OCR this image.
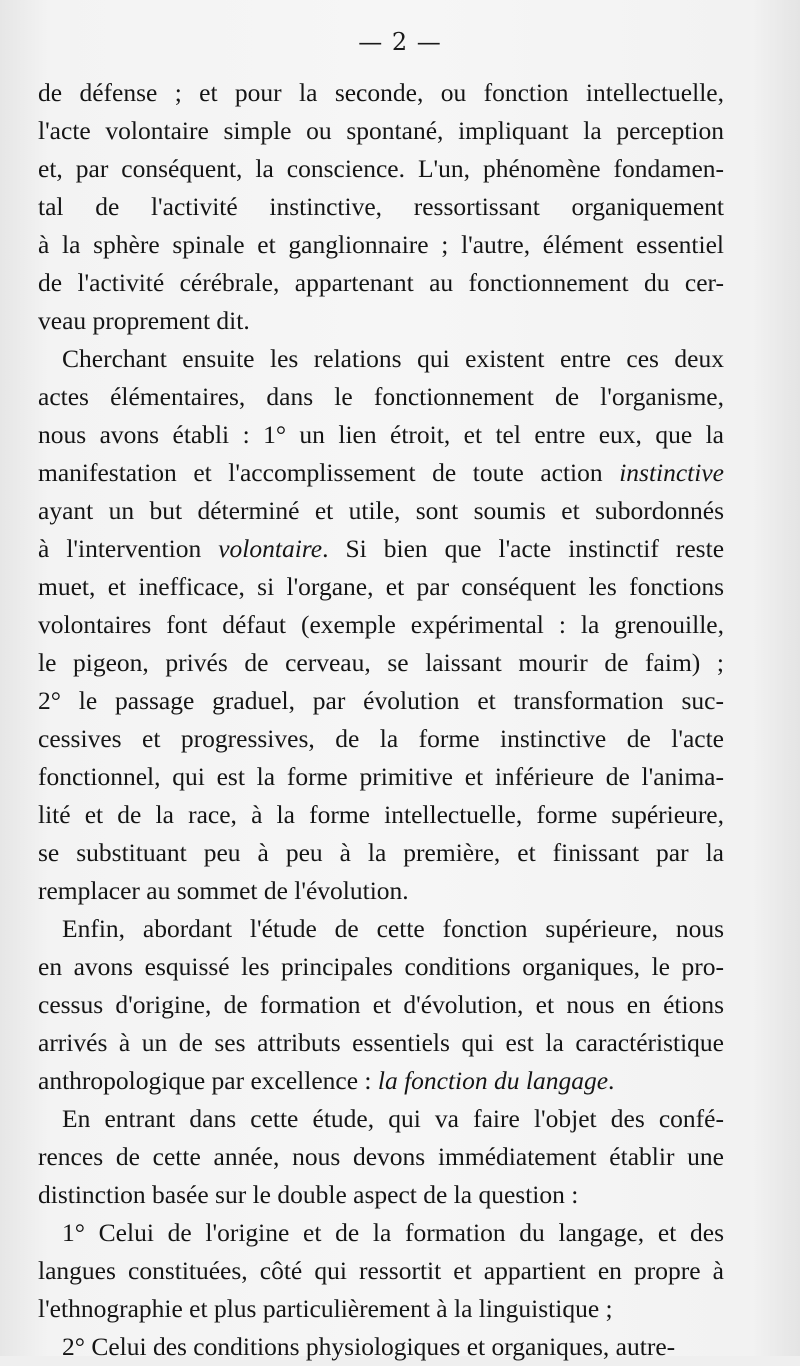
— 2 —
de défense ; et pour la seconde, ou fonction intellectuelle,
l'acte volontaire simple ou spontané, impliquant la perception
et, par conséquent, la conscience. L'un, phénomène fondamen-
tal de l'activité instinctive, ressortissant organiquement
à la sphère spinale et ganglionnaire ; l'autre, élément essentiel
de l'activité cérébrale, appartenant au fonctionnement du cer-
veau proprement dit.
Cherchant ensuite les relations qui existent entre ces deux
actes élémentaires, dans le fonctionnement de l'organisme,
nous avons établi : 1° un lien étroit, et tel entre eux, que la
manifestation et l'accomplissement de toute action instinctive
ayant un but déterminé et utile, sont soumis et subordonnés
à l'intervention volontaire. Si bien que l'acte instinctif reste
muet, et inefficace, si l'organe, et par conséquent les fonctions
volontaires font défaut (exemple expérimental : la grenouille,
le pigeon, privés de cerveau, se laissant mourir de faim) ;
2° le passage graduel, par évolution et transformation suc-
cessives et progressives, de la forme instinctive de l'acte
fonctionnel, qui est la forme primitive et inférieure de l'anima-
lité et de la race, à la forme intellectuelle, forme supérieure,
se substituant peu à peu à la première, et finissant par la
remplacer au sommet de l'évolution.
Enfin, abordant l'étude de cette fonction supérieure, nous
en avons esquissé les principales conditions organiques, le pro-
cessus d'origine, de formation et d'évolution, et nous en étions
arrivés à un de ses attributs essentiels qui est la caractéristique
anthropologique par excellence : la fonction du langage.
En entrant dans cette étude, qui va faire l'objet des confé-
rences de cette année, nous devons immédiatement établir une
distinction basée sur le double aspect de la question :
1° Celui de l'origine et de la formation du langage, et des
langues constituées, côté qui ressortit et appartient en propre à
l'ethnographie et plus particulièrement à la linguistique ;
2° Celui des conditions physiologiques et organiques, autre-
